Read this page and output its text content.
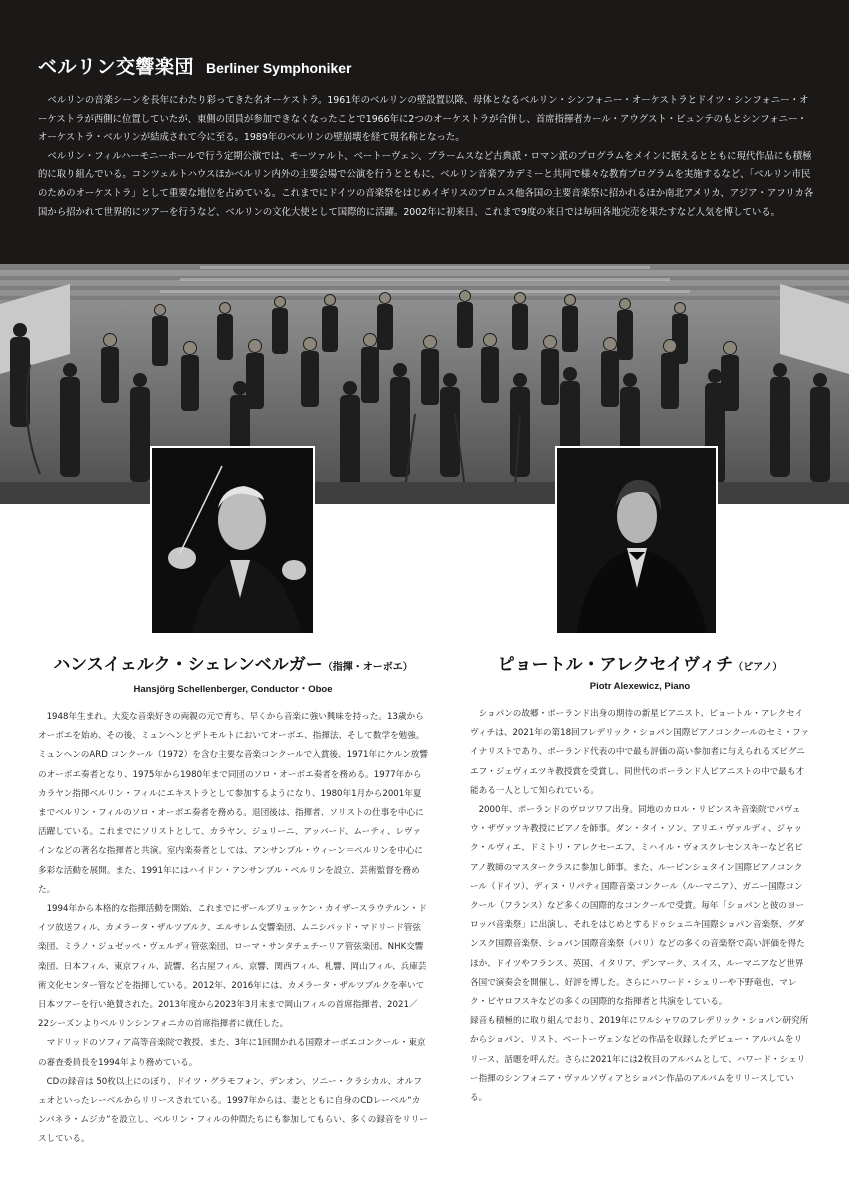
ベルリン交響楽団 Berliner Symphoniker

ベルリンの音楽シーンを長年にわたり彩ってきた名オーケストラ。1961年のベルリンの壁設置以降、母体となるベルリン・シンフォニー・オーケストラとドイツ・シンフォニー・オーケストラが西側に位置していたが、東側の団員が参加できなくなったことで1966年に2つのオーケストラが合併し、首席指揮者カール・アウグスト・ビュンテのもとシンフォニー・オーケストラ・ベルリンが結成されて今に至る。1989年のベルリンの壁崩壊を経て現名称となった。

ベルリン・フィルハーモニーホールで行う定期公演では、モーツァルト、ベートーヴェン、ブラームスなど古典派・ロマン派のプログラムをメインに据えるとともに現代作品にも積極的に取り組んでいる。コンツェルトハウスほかベルリン内外の主要会場で公演を行うとともに、ベルリン音楽アカデミーと共同で様々な教育プログラムを実施するなど、「ベルリン市民のためのオーケストラ」として重要な地位を占めている。これまでにドイツの音楽祭をはじめイギリスのプロムス他各国の主要音楽祭に招かれるほか南北アメリカ、アジア・アフリカ各国から招かれて世界的にツアーを行うなど、ベルリンの文化大使として国際的に活躍。2002年に初来日、これまで9度の来日では毎回各地完売を果たすなど人気を博している。

ハンスイェルク・シェレンベルガー（指揮・オーボエ）
Hansjörg Schellenberger, Conductor・Oboe

1948年生まれ。大変な音楽好きの両親の元で育ち、早くから音楽に強い興味を持った。13歳からオーボエを始め、その後、ミュンヘンとデトモルトにおいてオーボエ、指揮法、そして数学を勉強。ミュンヘンのARD コンクール（1972）を含む主要な音楽コンクールで入賞後、1971年にケルン放響のオーボエ奏者となり、1975年から1980年まで同団のソロ・オーボエ奏者を務める。1977年からカラヤン指揮ベルリン・フィルにエキストラとして参加するようになり、1980年1月から2001年夏までベルリン・フィルのソロ・オーボエ奏者を務める。退団後は、指揮者、ソリストの仕事を中心に活躍している。これまでにソリストとして、カラヤン、ジュリーニ、アッバード、ムーティ、レヴァインなどの著名な指揮者と共演。室内楽奏者としては、アンサンブル・ウィーン＝ベルリンを中心に多彩な活動を展開。また、1991年にはハイドン・アンサンブル・ベルリンを設立、芸術監督を務めた。

1994年から本格的な指揮活動を開始、これまでにザールブリュッケン・カイザースラウテルン・ドイツ放送フィル、カメラータ・ザルツブルク、エルサレム交響楽団、ムニシパッド・マドリード管弦楽団、ミラノ・ジュゼッペ・ヴェルディ管弦楽団、ローマ・サンタチェチーリア管弦楽団、NHK交響楽団、日本フィル、東京フィル、読響、名古屋フィル、京響、関西フィル、札響、岡山フィル、兵庫芸術文化センター管などを指揮している。2012年、2016年には、カメラータ・ザルツブルクを率いて日本ツアーを行い絶賛された。2013年度から2023年3月末まで岡山フィルの首席指揮者、2021／22シーズンよりベルリンシンフォニカの首席指揮者に就任した。

マドリッドのソフィア高等音楽院で教授、また、3年に1回開かれる国際オーボエコンクール・東京の審査委員長を1994年より務めている。

CDの録音は 50枚以上にのぼり、ドイツ・グラモフォン、デンオン、ソニー・クラシカル、オルフェオといったレーベルからリリースされている。1997年からは、妻とともに自身のCDレーベル“カンパネラ・ムジカ”を設立し、ベルリン・フィルの仲間たちにも参加してもらい、多くの録音をリリースしている。

ピョートル・アレクセイヴィチ（ピアノ）
Piotr Alexewicz, Piano

ショパンの故郷・ポーランド出身の期待の新星ピアニスト、ピョートル・アレクセイヴィチは、2021年の第18回フレデリック・ショパン国際ピアノコンクールのセミ・ファイナリストであり、ポーランド代表の中で最も評価の高い参加者に与えられるズビグニエフ・ジェヴィエツキ教授賞を受賞し、同世代のポーランド人ピアニストの中で最も才能ある一人として知られている。

2000年、ポーランドのヴロツワフ出身。同地のカロル・リピンスキ音楽院でパヴェウ・ザヴァツキ教授にピアノを師事。ダン・タイ・ソン、アリエ・ヴァルディ、ジャック・ルヴィエ、ドミトリ・アレクセーエフ、ミハイル・ヴォスクレセンスキーなど名ピアノ教師のマスタークラスに参加し師事。また、ルービンシュタイン国際ピアノコンクール（ドイツ）、ディヌ・リパティ国際音楽コンクール（ルーマニア）、ガニー国際コンクール（フランス）など多くの国際的なコンクールで受賞。毎年「ショパンと彼のヨーロッパ音楽祭」に出演し、それをはじめとするドゥシュニキ国際ショパン音楽祭、グダンスク国際音楽祭、ショパン国際音楽祭（パリ）などの多くの音楽祭で高い評価を得たほか、ドイツやフランス、英国、イタリア、デンマーク、スイス、ルーマニアなど世界各国で演奏会を開催し、好評を博した。さらにハワード・シェリーや下野竜也、マレク・ピヤロフスキなどの多くの国際的な指揮者と共演をしている。

録音も積極的に取り組んでおり、2019年にワルシャワのフレデリック・ショパン研究所からショパン、リスト、ベートーヴェンなどの作品を収録したデビュー・アルバムをリリース、話題を呼んだ。さらに2021年には2枚目のアルバムとして、ハワード・シェリー指揮のシンフォニア・ヴァルソヴィアとショパン作品のアルバムをリリースしている。
